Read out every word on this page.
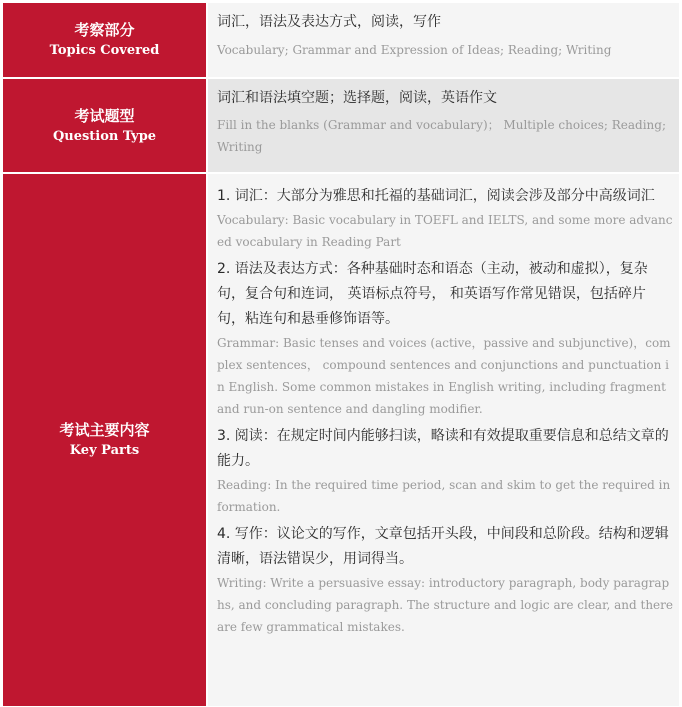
考察部分
Topics Covered
词汇，语法及表达方式，阅读，写作
Vocabulary; Grammar and Expression of Ideas; Reading; Writing
考试题型
Question Type
词汇和语法填空题；选择题，阅读，英语作文
Fill in the blanks (Grammar and vocabulary)； Multiple choices; Reading; Writing
考试主要内容
Key Parts
1. 词汇：大部分为雅思和托福的基础词汇，阅读会涉及部分中高级词汇
Vocabulary: Basic vocabulary in TOEFL and IELTS, and some more advanced vocabulary in Reading Part
2. 语法及表达方式：各种基础时态和语态（主动，被动和虚拟），复杂句，复合句和连词， 英语标点符号， 和英语写作常见错误，包括碎片句，粘连句和悬垂修饰语等。
Grammar: Basic tenses and voices (active，passive and subjunctive)，complex sentences， compound sentences and conjunctions and punctuation in English. Some common mistakes in English writing, including fragment and run-on sentence and dangling modifier.
3. 阅读：在规定时间内能够扫读，略读和有效提取重要信息和总结文章的能力。
Reading: In the required time period, scan and skim to get the required information.
4. 写作：议论文的写作，文章包括开头段，中间段和总阶段。结构和逻辑清晰，语法错误少，用词得当。
Writing: Write a persuasive essay: introductory paragraph, body paragraphs, and concluding paragraph. The structure and logic are clear, and there are few grammatical mistakes.
